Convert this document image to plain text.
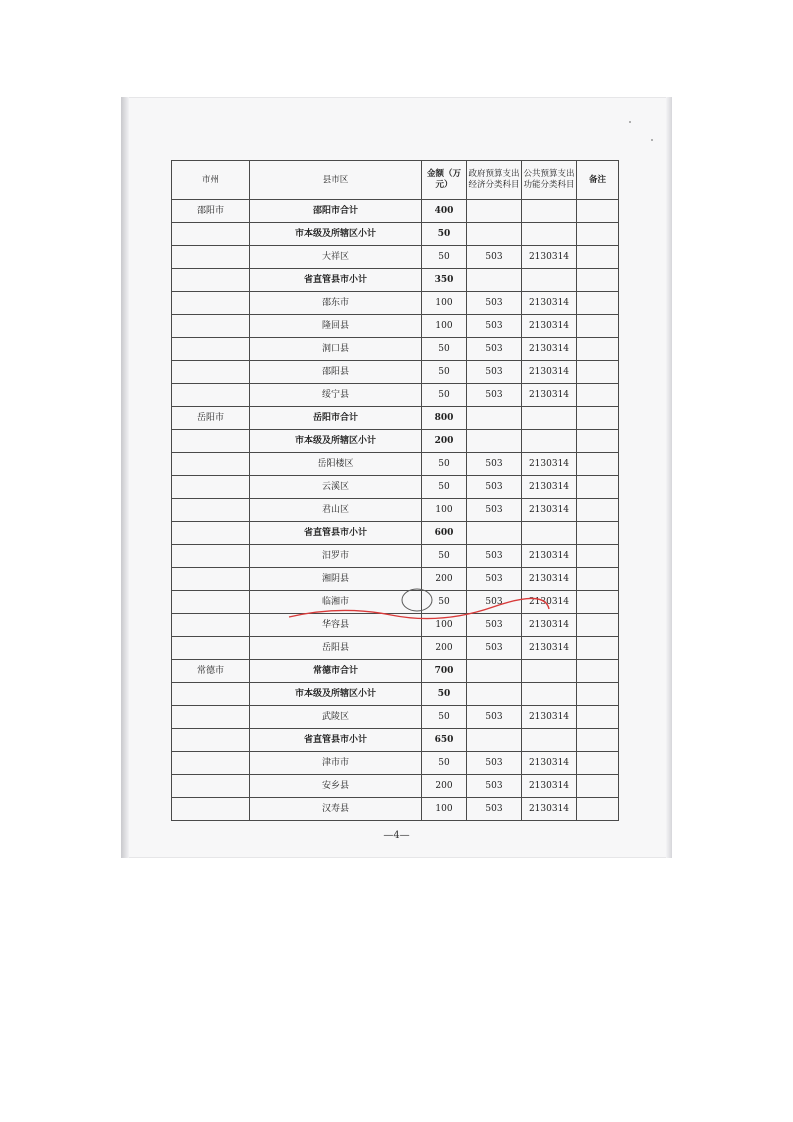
市州	县市区	金额（万元）	政府预算支出经济分类科目	公共预算支出功能分类科目	备注
邵阳市	邵阳市合计	400			
	市本级及所辖区小计	50			
	大祥区	50	503	2130314	
	省直管县市小计	350			
	邵东市	100	503	2130314	
	隆回县	100	503	2130314	
	洞口县	50	503	2130314	
	邵阳县	50	503	2130314	
	绥宁县	50	503	2130314	
岳阳市	岳阳市合计	800			
	市本级及所辖区小计	200			
	岳阳楼区	50	503	2130314	
	云溪区	50	503	2130314	
	君山区	100	503	2130314	
	省直管县市小计	600			
	汨罗市	50	503	2130314	
	湘阴县	200	503	2130314	
	临湘市	50	503	2130314	
	华容县	100	503	2130314	
	岳阳县	200	503	2130314	
常德市	常德市合计	700			
	市本级及所辖区小计	50			
	武陵区	50	503	2130314	
	省直管县市小计	650			
	津市市	50	503	2130314	
	安乡县	200	503	2130314	
	汉寿县	100	503	2130314	
—4—
